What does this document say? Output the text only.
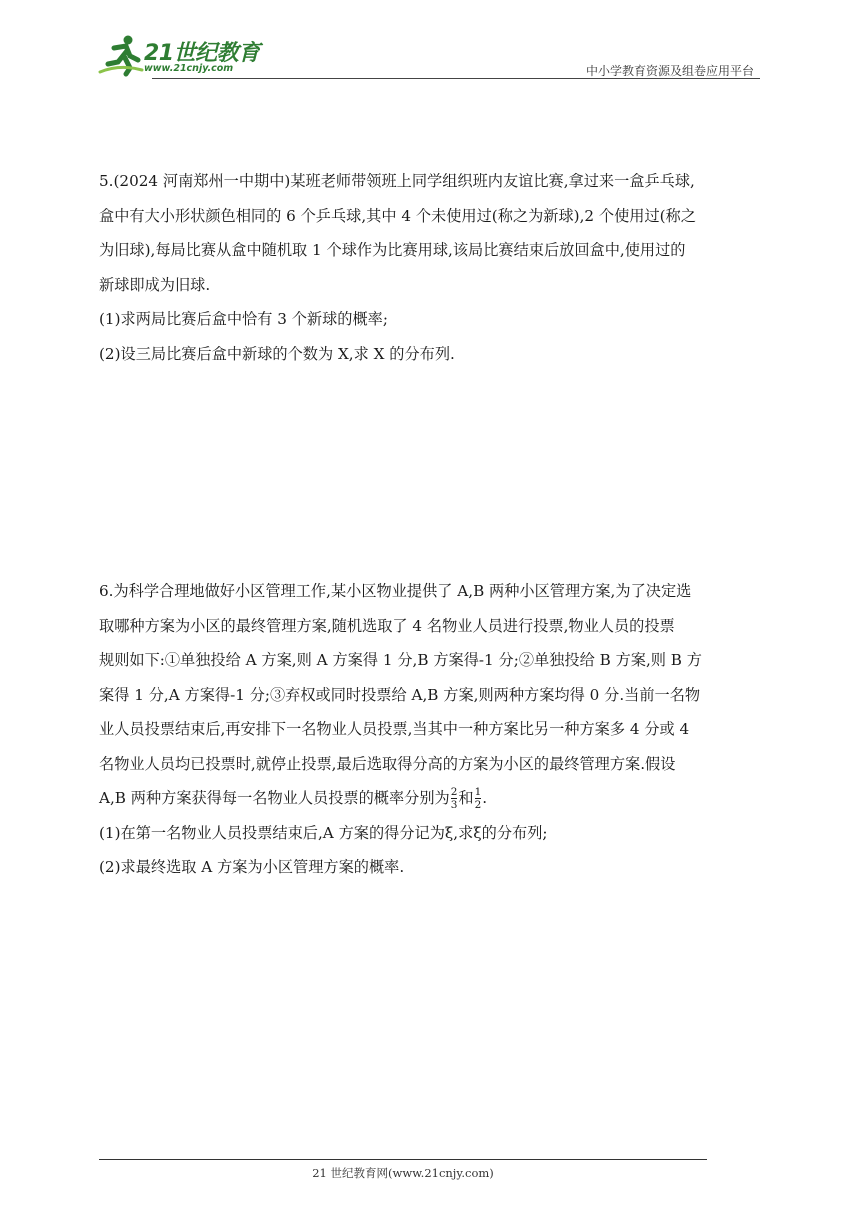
21世纪教育
www.21cnjy.com	中小学教育资源及组卷应用平台

5.(2024 河南郑州一中期中)某班老师带领班上同学组织班内友谊比赛,拿过来一盒乒乓球,

盒中有大小形状颜色相同的 6 个乒乓球,其中 4 个未使用过(称之为新球),2 个使用过(称之

为旧球),每局比赛从盒中随机取 1 个球作为比赛用球,该局比赛结束后放回盒中,使用过的

新球即成为旧球.

(1)求两局比赛后盒中恰有 3 个新球的概率;

(2)设三局比赛后盒中新球的个数为 X,求 X 的分布列.

6.为科学合理地做好小区管理工作,某小区物业提供了 A,B 两种小区管理方案,为了决定选

取哪种方案为小区的最终管理方案,随机选取了 4 名物业人员进行投票,物业人员的投票

规则如下:①单独投给 A 方案,则 A 方案得 1 分,B 方案得-1 分;②单独投给 B 方案,则 B 方

案得 1 分,A 方案得-1 分;③弃权或同时投票给 A,B 方案,则两种方案均得 0 分.当前一名物

业人员投票结束后,再安排下一名物业人员投票,当其中一种方案比另一种方案多 4 分或 4

名物业人员均已投票时,就停止投票,最后选取得分高的方案为小区的最终管理方案.假设

A,B 两种方案获得每一名物业人员投票的概率分别为 $\frac{2}{3}$ 和 $\frac{1}{2}$ .

(1)在第一名物业人员投票结束后,A 方案的得分记为ξ,求ξ的分布列;

(2)求最终选取 A 方案为小区管理方案的概率.

21 世纪教育网(www.21cnjy.com)
